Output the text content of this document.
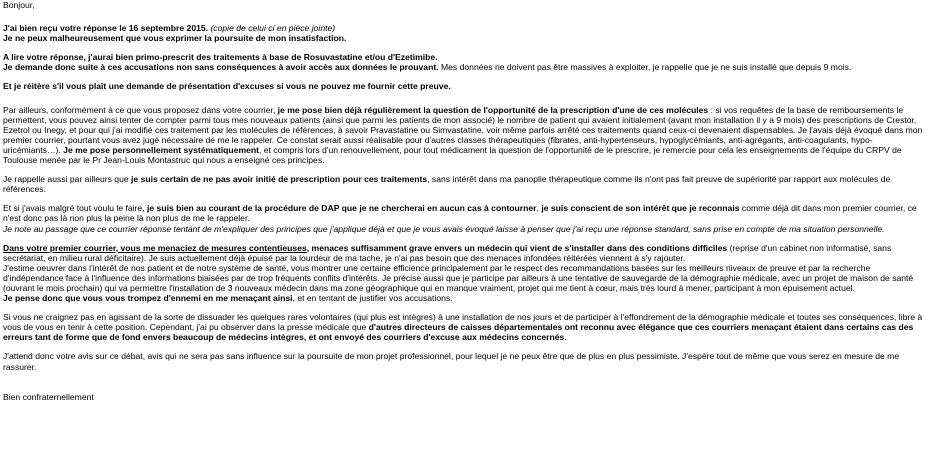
Bonjour,

J'ai bien reçu votre réponse le 16 septembre 2015. (copie de celui ci en pièce jointe)

Je ne peux malheureusement que vous exprimer la poursuite de mon insatisfaction.

A lire votre réponse, j'aurai bien primo-prescrit des traitements à base de Rosuvastatine et/ou d'Ezetimibe.

Je demande donc suite à ces accusations non sans conséquences à avoir accès aux données le prouvant. Mes données ne doivent pas être massives à exploiter, je rappelle que je ne suis installé que depuis 9 mois.

Et je réitère s'il vous plaît une demande de présentation d'excuses si vous ne pouvez me fournir cette preuve.

Par ailleurs, conformément à ce que vous proposez dans votre courrier, je me pose bien déjà régulièrement la question de l'opportunité de la prescription d'une de ces molécules : si vos requêtes de la base de remboursements le permettent, vous pouvez ainsi tenter de compter parmi tous mes nouveaux patients (ainsi que parmi les patients de mon associé) le nombre de patient qui avaient initialement (avant mon installation il y a 9 mois) des prescriptions de Crestor, Ezetrol ou Inegy, et pour qui j'ai modifié ces traitement par les molécules de références, à savoir Pravastatine ou Simvastatine, voir même parfois arrêté ces traitements quand ceux-ci devenaient dispensables. Je l'avais déjà évoqué dans mon premier courrier, pourtant vous avez jugé nécessaire de me le rappeler. Ce constat serait aussi réalisable pour d'autres classes thérapeutiques (fibrates, anti-hypertenseurs, hypoglycémiants, anti-agrégants, anti-coagulants, hypo-uricémiants…). Je me pose personnellement systématiquement, et compris lors d'un renouvellement, pour tout médicament la question de l'opportunité de le prescrire, je remercie pour cela les enseignements de l'équipe du CRPV de Toulouse menée par le Pr Jean-Louis Montastruc qui nous a enseigné ces principes.

Je rappelle aussi par ailleurs que je suis certain de ne pas avoir initié de prescription pour ces traitements, sans intérêt dans ma panoplie thérapeutique comme ils n'ont pas fait preuve de supériorité par rapport aux molécules de références.

Et si j'avais malgré tout voulu le faire, je suis bien au courant de la procédure de DAP que je ne chercherai en aucun cas à contourner, je suis conscient de son intérêt que je reconnais comme déjà dit dans mon premier courrier, ce n'est donc pas là non plus la peine là non plus de me le rappeler.

Je note au passage que ce courrier réponse tentant de m'expliquer des principes que j'applique déjà et que je vous avais évoqué laisse à penser que j'ai reçu une réponse standard, sans prise en compte de ma situation personnelle.

Dans votre premier courrier, vous me menaciez de mesures contentieuses, menaces suffisamment grave envers un médecin qui vient de s'installer dans des conditions difficiles (reprise d'un cabinet non informatisé, sans secrétariat, en milieu rural déficitaire). Je suis actuellement déjà épuisé par la lourdeur de ma tache, je n'ai pas besoin que des menaces infondées réitérées viennent à s'y rajouter.

J'estime oeuvrer dans l'intérêt de nos patient et de notre système de santé, vous montrer une certaine efficience principalement par le respect des recommandations basées sur les meilleurs niveaux de preuve et par la recherche d'indépendance face à l'influence des informations biaisées par de trop fréquents conflits d'intérêts. Je précise aussi que je participe par ailleurs à une tentative de sauvegarde de la démographie médicale, avec un projet de maison de santé (ouvrant le mois prochain) qui va permettre l'installation de 3 nouveaux médecin dans ma zone géographique qui en manque vraiment, projet qui me tient à cœur, mais très lourd à mener, participant à mon épuisement actuel.

Je pense donc que vous vous trompez d'ennemi en me menaçant ainsi, et en tentant de justifier vos accusations.

Si vous ne craignez pas en agissant de la sorte de dissuader les quelques rares volontaires (qui plus est intègres) à une installation de nos jours et de participer à l'effondrement de la démographie médicale et toutes ses conséquences, libre à vous de vous en tenir à cette position. Cependant, j'ai pu observer dans la presse médicale que d'autres directeurs de caisses départementales ont reconnu avec élégance que ces courriers menaçant étaient dans certains cas des erreurs tant de forme que de fond envers beaucoup de médecins intègres, et ont envoyé des courriers d'excuse aux médecins concernés.

J'attend donc votre avis sur ce débat, avis qui ne sera pas sans influence sur la poursuite de mon projet professionnel, pour lequel je ne peux être que de plus en plus pessimiste. J'espère tout de même que vous serez en mesure de me rassurer.

Bien confraternellement
